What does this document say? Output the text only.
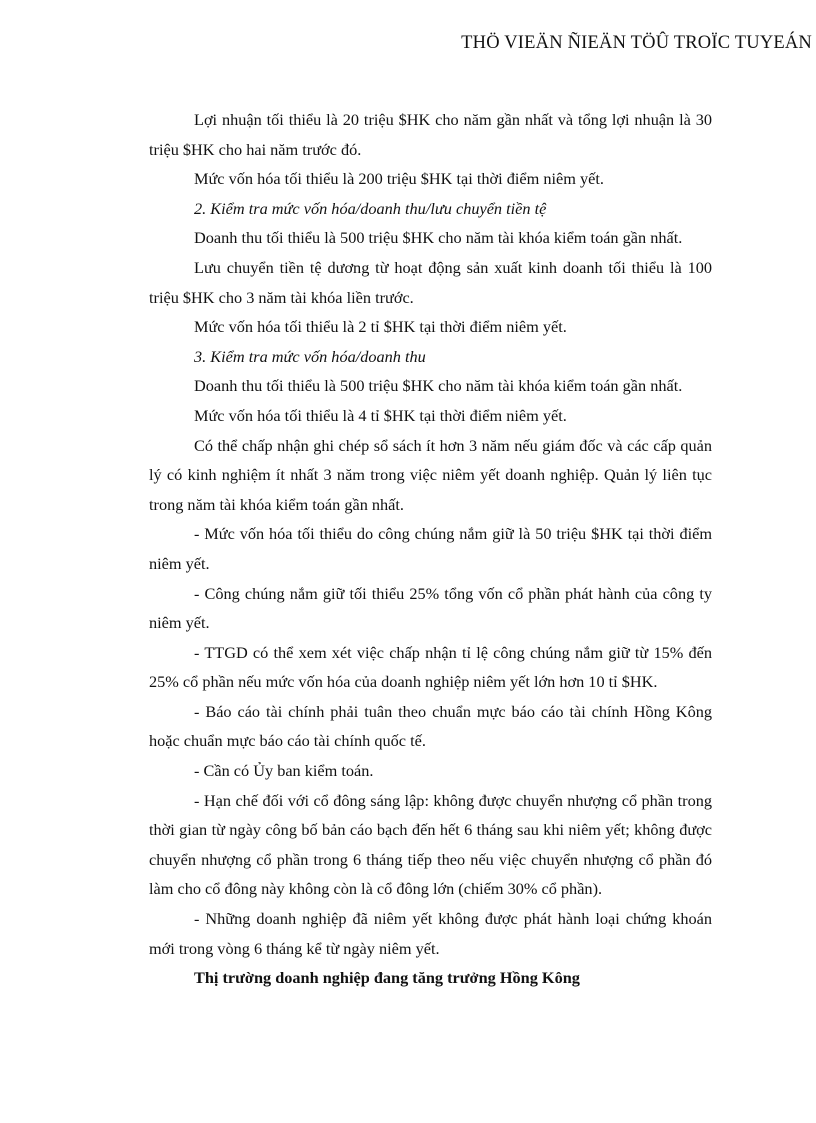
THÖ VIEÄN ÑIEÄN TÖÛ TROÏC TUYEÁN

Lợi nhuận tối thiểu là 20 triệu $HK cho năm gần nhất và tổng lợi nhuận là 30 triệu $HK cho hai năm trước đó.

Mức vốn hóa tối thiểu là 200 triệu $HK tại thời điểm niêm yết.

2. Kiểm tra mức vốn hóa/doanh thu/lưu chuyển tiền tệ

Doanh thu tối thiểu là 500 triệu $HK cho năm tài khóa kiểm toán gần nhất.

Lưu chuyển tiền tệ dương từ hoạt động sản xuất kinh doanh tối thiểu là 100 triệu $HK cho 3 năm tài khóa liền trước.

Mức vốn hóa tối thiểu là 2 tỉ $HK tại thời điểm niêm yết.

3. Kiểm tra mức vốn hóa/doanh thu

Doanh thu tối thiểu là 500 triệu $HK cho năm tài khóa kiểm toán gần nhất.

Mức vốn hóa tối thiểu là 4 tỉ $HK tại thời điểm niêm yết.

Có thể chấp nhận ghi chép sổ sách ít hơn 3 năm nếu giám đốc và các cấp quản lý có kinh nghiệm ít nhất 3 năm trong việc niêm yết doanh nghiệp. Quản lý liên tục trong năm tài khóa kiểm toán gần nhất.

- Mức vốn hóa tối thiểu do công chúng nắm giữ là 50 triệu $HK tại thời điểm niêm yết.

- Công chúng nắm giữ tối thiểu 25% tổng vốn cổ phần phát hành của công ty niêm yết.

- TTGD có thể xem xét việc chấp nhận tỉ lệ công chúng nắm giữ từ 15% đến 25% cổ phần nếu mức vốn hóa của doanh nghiệp niêm yết lớn hơn 10 tỉ $HK.

- Báo cáo tài chính phải tuân theo chuẩn mực báo cáo tài chính Hồng Kông hoặc chuẩn mực báo cáo tài chính quốc tế.

- Cần có Ủy ban kiểm toán.

- Hạn chế đối với cổ đông sáng lập: không được chuyển nhượng cổ phần trong thời gian từ ngày công bố bản cáo bạch đến hết 6 tháng sau khi niêm yết; không được chuyển nhượng cổ phần trong 6 tháng tiếp theo nếu việc chuyển nhượng cổ phần đó làm cho cổ đông này không còn là cổ đông lớn (chiếm 30% cổ phần).

- Những doanh nghiệp đã niêm yết không được phát hành loại chứng khoán mới trong vòng 6 tháng kể từ ngày niêm yết.

Thị trường doanh nghiệp đang tăng trưởng Hồng Kông
